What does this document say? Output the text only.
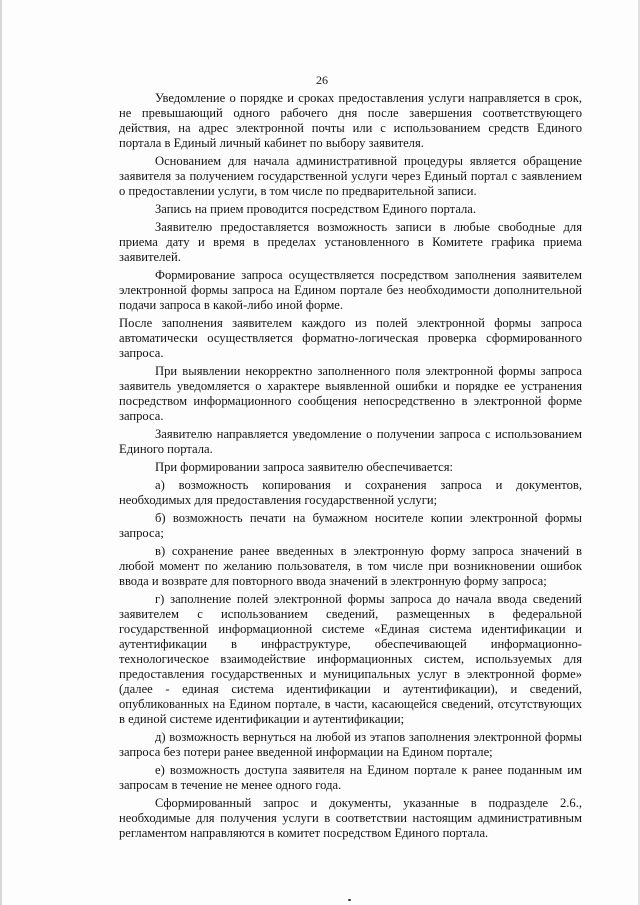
26

Уведомление о порядке и сроках предоставления услуги направляется в срок, не превышающий одного рабочего дня после завершения соответствующего действия, на адрес электронной почты или с использованием средств Единого портала в Единый личный кабинет по выбору заявителя.

Основанием для начала административной процедуры является обращение заявителя за получением государственной услуги через Единый портал с заявлением о предоставлении услуги, в том числе по предварительной записи.

Запись на прием проводится посредством Единого портала.

Заявителю предоставляется возможность записи в любые свободные для приема дату и время в пределах установленного в Комитете графика приема заявителей.

Формирование запроса осуществляется посредством заполнения заявителем электронной формы запроса на Едином портале без необходимости дополнительной подачи запроса в какой-либо иной форме.

После заполнения заявителем каждого из полей электронной формы запроса автоматически осуществляется форматно-логическая проверка сформированного запроса.

При выявлении некорректно заполненного поля электронной формы запроса заявитель уведомляется о характере выявленной ошибки и порядке ее устранения посредством информационного сообщения непосредственно в электронной форме запроса.

Заявителю направляется уведомление о получении запроса с использованием Единого портала.

При формировании запроса заявителю обеспечивается:

а) возможность копирования и сохранения запроса и документов, необходимых для предоставления государственной услуги;

б) возможность печати на бумажном носителе копии электронной формы запроса;

в) сохранение ранее введенных в электронную форму запроса значений в любой момент по желанию пользователя, в том числе при возникновении ошибок ввода и возврате для повторного ввода значений в электронную форму запроса;

г) заполнение полей электронной формы запроса до начала ввода сведений заявителем с использованием сведений, размещенных в федеральной государственной информационной системе «Единая система идентификации и аутентификации в инфраструктуре, обеспечивающей информационно-технологическое взаимодействие информационных систем, используемых для предоставления государственных и муниципальных услуг в электронной форме» (далее - единая система идентификации и аутентификации), и сведений, опубликованных на Едином портале, в части, касающейся сведений, отсутствующих в единой системе идентификации и аутентификации;

д) возможность вернуться на любой из этапов заполнения электронной формы запроса без потери ранее введенной информации на Едином портале;

е) возможность доступа заявителя на Едином портале к ранее поданным им запросам в течение не менее одного года.

Сформированный запрос и документы, указанные в подразделе 2.6., необходимые для получения услуги в соответствии настоящим административным регламентом направляются в комитет посредством Единого портала.
